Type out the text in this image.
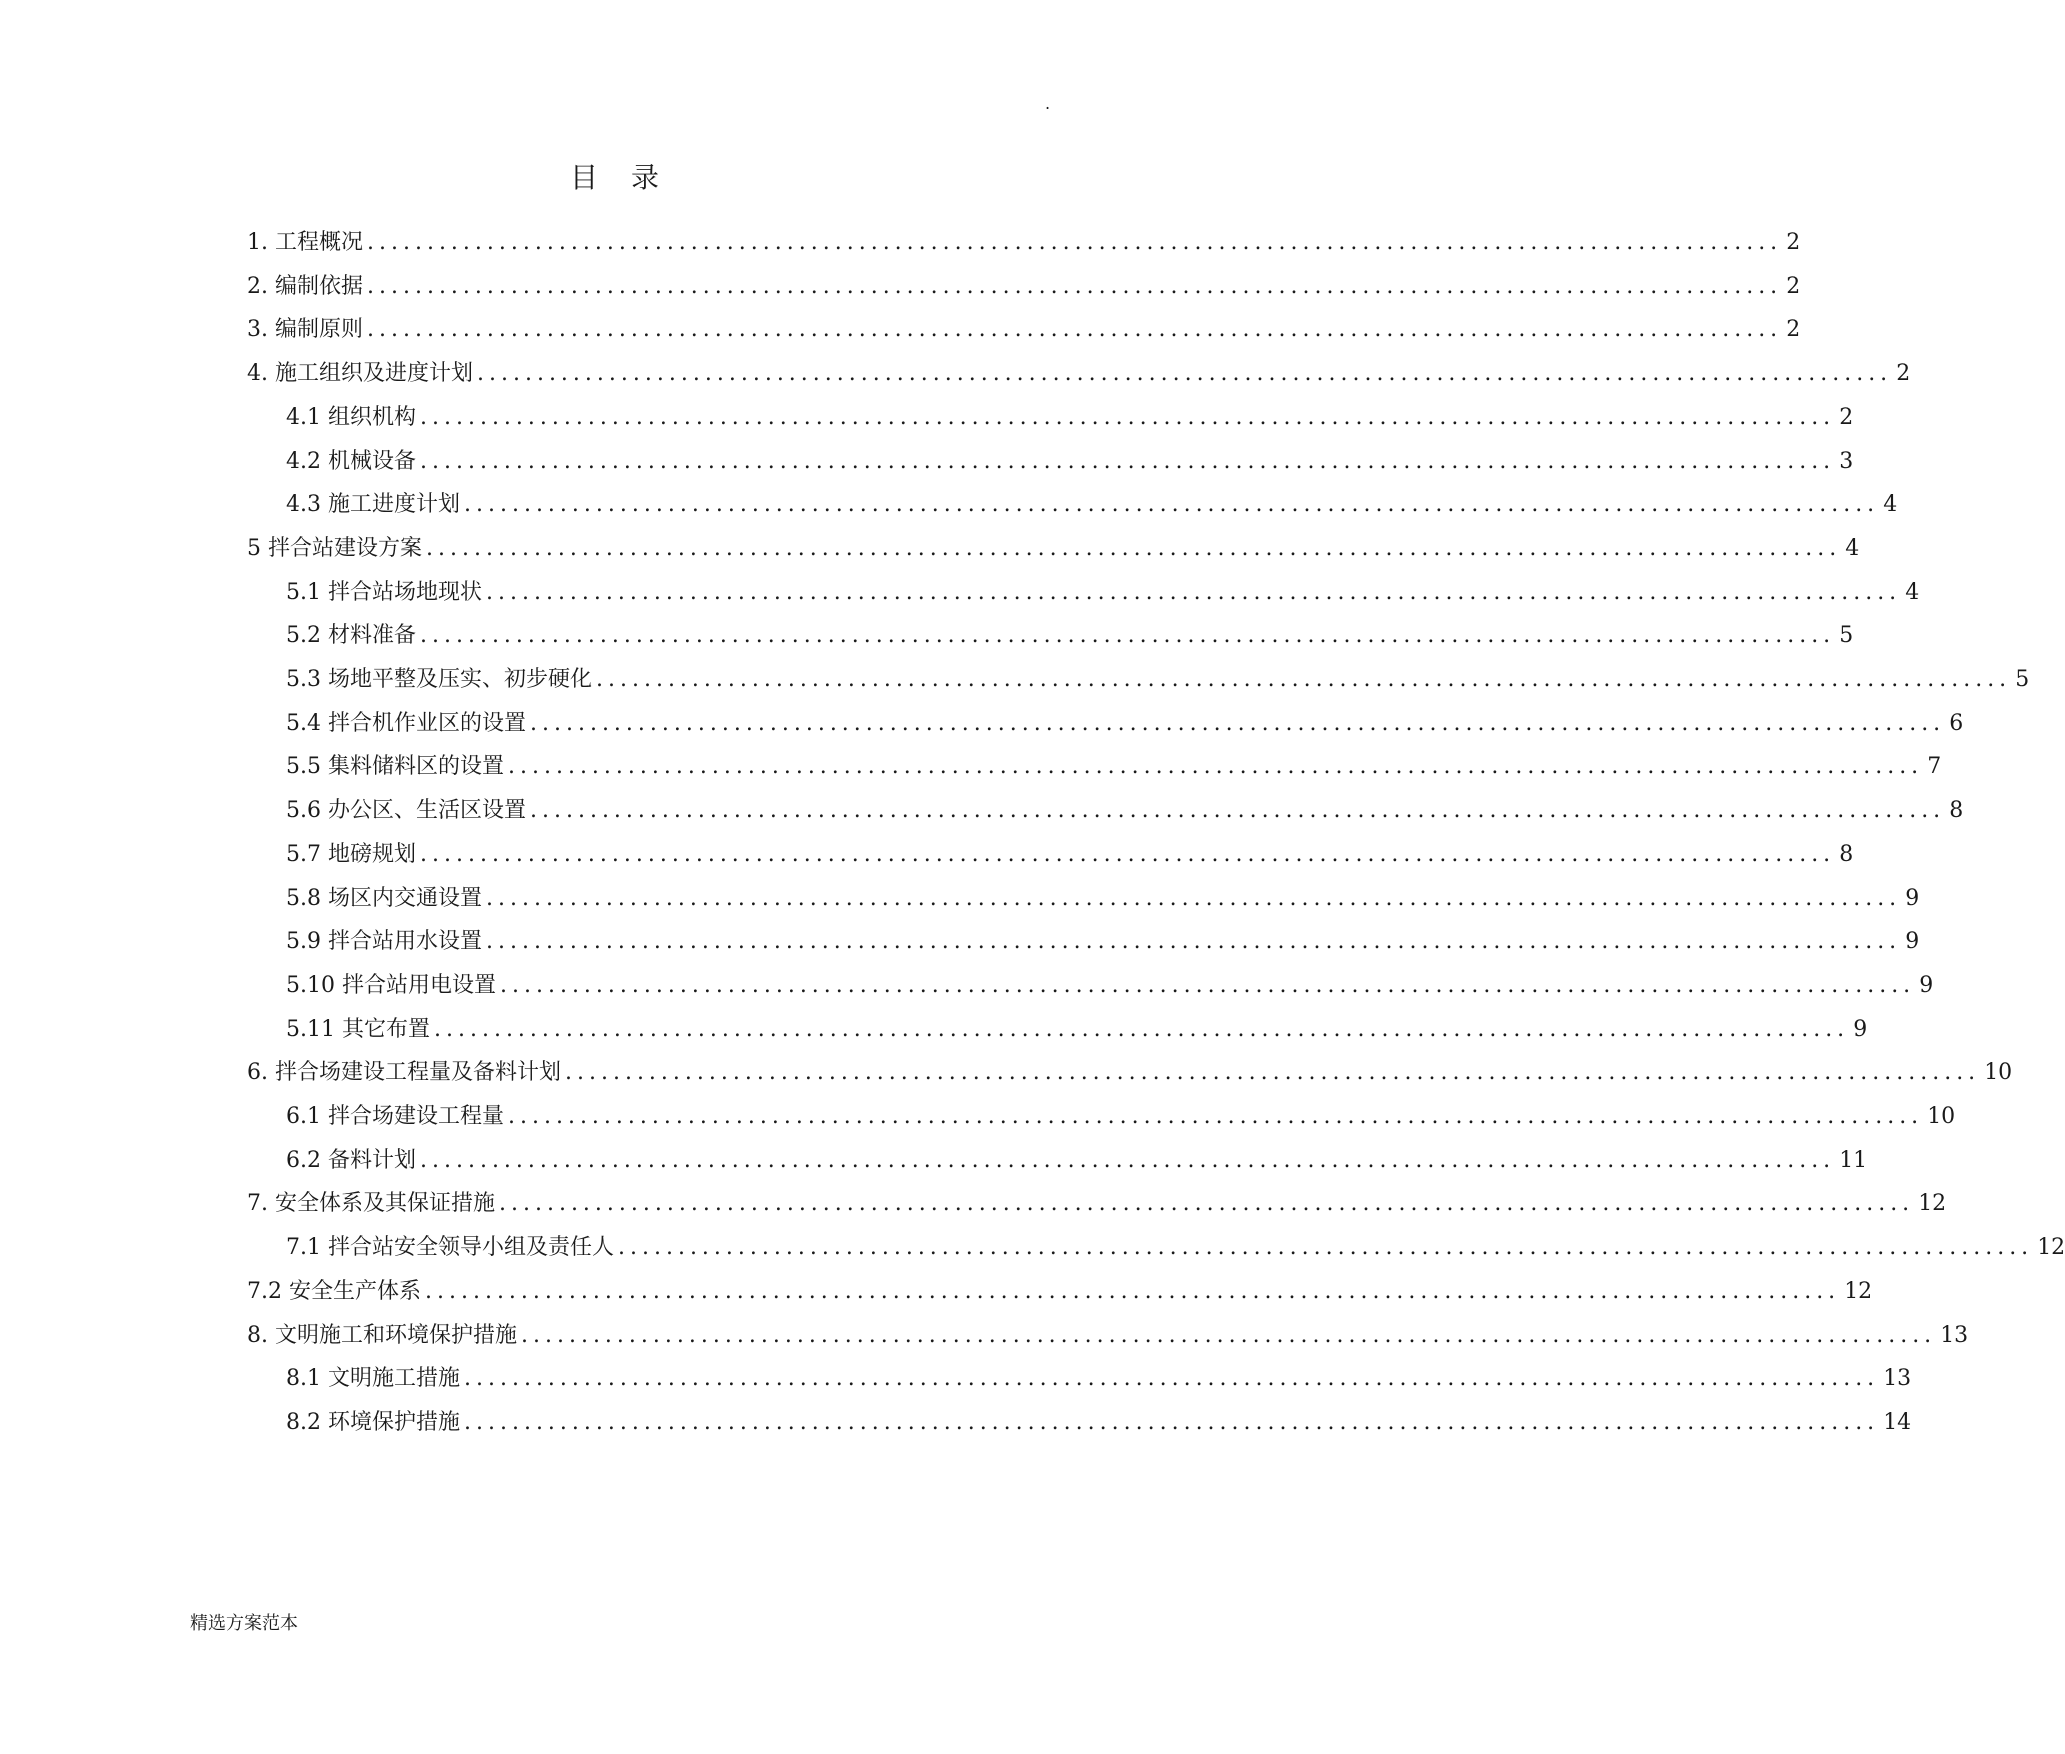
.
目 录
1. 工程概况 ...................................................................................................................... 2
2. 编制依据 ...................................................................................................................... 2
3. 编制原则 ...................................................................................................................... 2
4. 施工组织及进度计划 ...................................................................................................................... 2
4.1 组织机构 ...................................................................................................................... 2
4.2 机械设备 ...................................................................................................................... 3
4.3 施工进度计划 ...................................................................................................................... 4
5 拌合站建设方案 ...................................................................................................................... 4
5.1 拌合站场地现状 ...................................................................................................................... 4
5.2 材料准备 ...................................................................................................................... 5
5.3 场地平整及压实、初步硬化 ...................................................................................................................... 5
5.4 拌合机作业区的设置 ...................................................................................................................... 6
5.5 集料储料区的设置 ...................................................................................................................... 7
5.6 办公区、生活区设置 ...................................................................................................................... 8
5.7 地磅规划 ...................................................................................................................... 8
5.8 场区内交通设置 ...................................................................................................................... 9
5.9 拌合站用水设置 ...................................................................................................................... 9
5.10 拌合站用电设置 ...................................................................................................................... 9
5.11 其它布置 ...................................................................................................................... 9
6. 拌合场建设工程量及备料计划 ...................................................................................................................... 10
6.1 拌合场建设工程量 ...................................................................................................................... 10
6.2 备料计划 ...................................................................................................................... 11
7. 安全体系及其保证措施 ...................................................................................................................... 12
7.1 拌合站安全领导小组及责任人 ...................................................................................................................... 12
7.2 安全生产体系 ...................................................................................................................... 12
8. 文明施工和环境保护措施 ...................................................................................................................... 13
8.1 文明施工措施 ...................................................................................................................... 13
8.2 环境保护措施 ...................................................................................................................... 14
精选方案范本
